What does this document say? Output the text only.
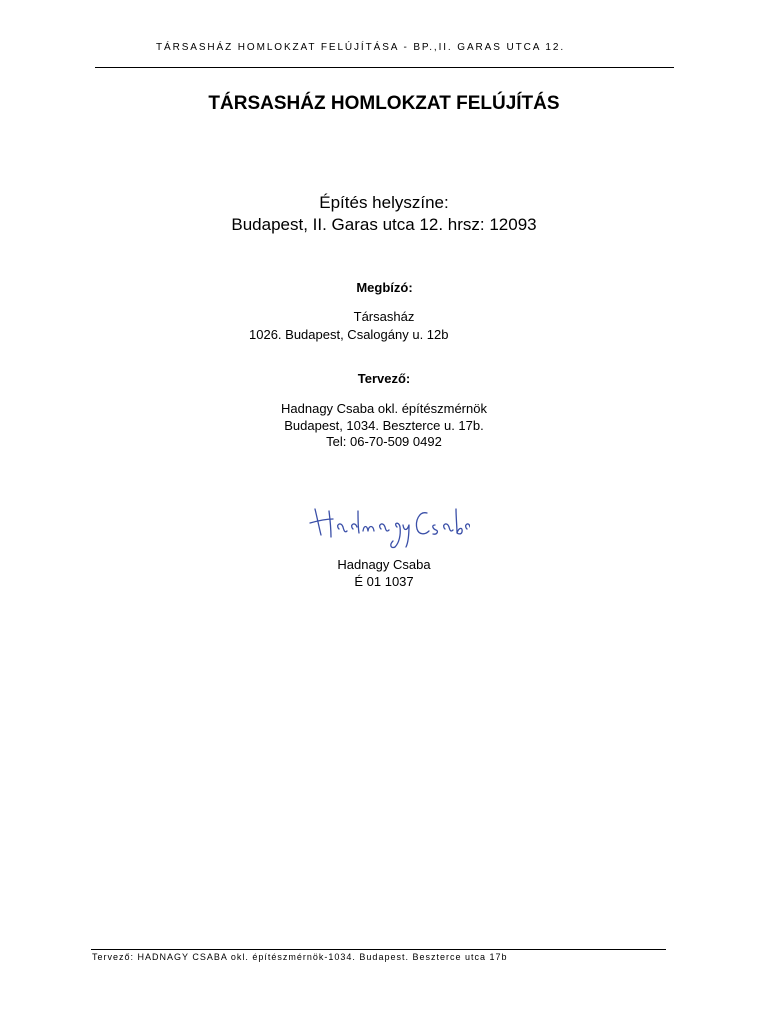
TÁRSASHÁZ HOMLOKZAT FELÚJÍTÁSA - BP.,II. GARAS UTCA 12.
TÁRSASHÁZ HOMLOKZAT FELÚJÍTÁS
Építés helyszíne:
Budapest, II. Garas utca 12. hrsz: 12093
Megbízó:
Társasház
1026. Budapest, Csalogány u. 12b
Tervező:
Hadnagy Csaba okl. építészmérnök
Budapest, 1034. Beszterce u. 17b.
Tel: 06-70-509 0492
Hadnagy Csaba
É 01 1037
Tervező: HADNAGY CSABA okl. építészmérnök-1034. Budapest. Beszterce utca 17b
